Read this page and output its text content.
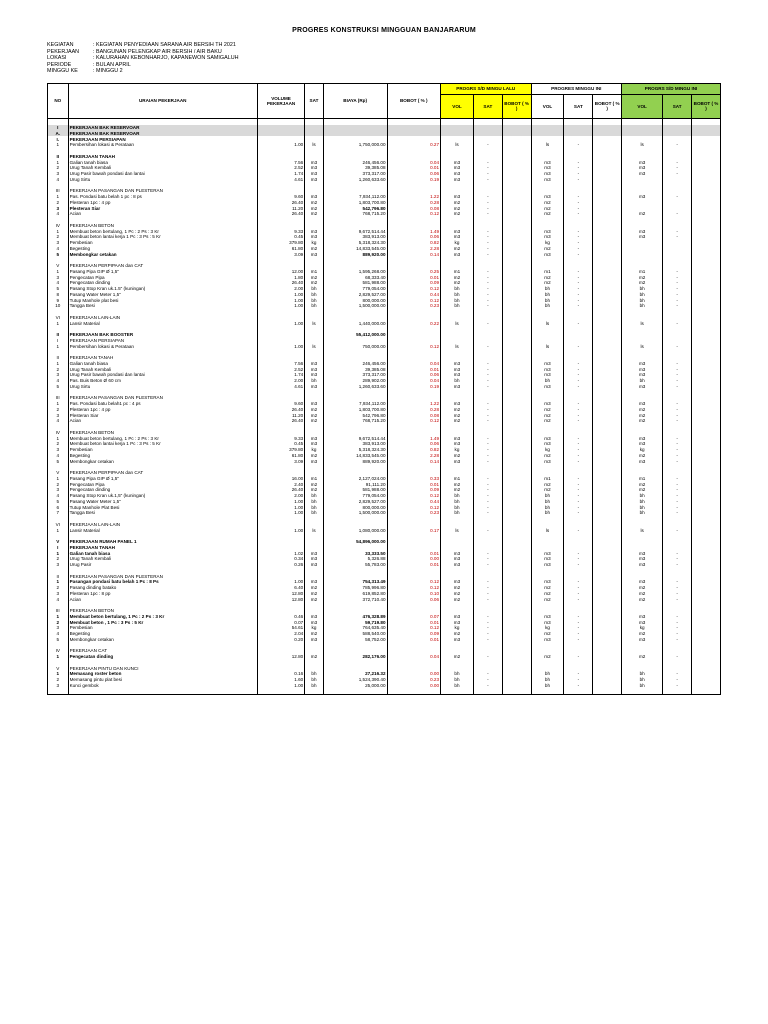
PROGRES KONSTRUKSI MINGGUAN BANJARARUM
KEGIATAN	: KEGIATAN PENYEDIAAN SARANA AIR BERSIH TH 2021
PEKERJAAN	: BANGUNAN PELENGKAP AIR BERSIH / AIR BAKU
LOKASI	: KALURAHAN KEBONHARJO, KAPANEWON SAMIGALUH
PERIODE	: BULAN APRIL
MINGGU KE	: MINGGU 2
NO	URAIAN PEKERJAAN	VOLUME PEKERJAAN	SAT	BIAYA (Rp)	BOBOT ( % )	PROGRS S/D MINGU LALU			PROGRES MINGGU INI			PROGRS S/D MINGU INI		
						VOL	SAT	BOBOT ( % )	VOL	SAT	BOBOT ( % )	VOL	SAT	BOBOT ( % )

I	PEKERJAAN BAK RESERVOAR													
A.	PEKERJAAN BAK RESERVOAR													
I.	PEKERJAAN PERSIAPAN													
1	Pembersihan lokasi & Perataan	1.00	ls	1,750,000.00	0.27	ls	-		ls	-		ls	-	

II	PEKERJAAN TANAH													
1	Galian tanah biasa	7.56	m3	246,456.00	0.04	m3	-		m3	-		m3	-	
2	Urug Tanah Kembali	2.52	m3	39,385.08	0.01	m3	-		m3	-		m3	-	
3	Urug Pasir bawah pondasi dan lantai	1.74	m3	373,317.00	0.06	m3	-		m3	-		m3	-	
4	Urug Sirtu	4.61	m3	1,260,633.60	0.19	m3	-		m3	-				

III	PEKERJAAN PASANGAN DAN PLESTERAN													
1	Pas. Pondasi batu belah 1 pc : 8 ps	9.60	m3	7,934,112.00	1.22	m3	-		m3	-		m3	-	
2	Plesteran 1pc : 4 pp	26.40	m2	1,803,700.80	0.28	m2	-		m2	-				
3	Plesteran Siar	11.20	m2	542,796.80	0.08	m2	-		m2	-				
4	Acian	26.40	m2	768,715.20	0.12	m2	-		m2	-		m2	-	

IV	PEKERJAAN BETON													
1	Membuat beton bertulang, 1 Pc : 2 Ps : 3 Kr	9.33	m3	9,672,514.44	1.49	m3	-		m3	-		m3	-	
2	Membuat beton lantai kerja 1 Pc : 3 Ps : 5 Kr	0.45	m3	383,913.00	0.06	m3	-		m3	-		m3	-	
3	Pembesian	379.80	kg	5,318,324.30	0.82	kg	-		kg	-				
4	Begesting	61.80	m2	14,833,545.00	2.28	m2	-		m2	-				
5	Membongkar cetakan	3.09	m3	889,920.00	0.14	m3	-		m3	-				

V	PEKERJAAN PERPIPAAN dan CAT													
1	Pasang Pipa GIP Ø 1,5"	12.00	m1	1,595,268.00	0.25	m1	-		m1	-		m1	-	
3	Pengecatan Pipa	1.80	m2	68,333.40	0.01	m2	-		m2	-		m2	-	
4	Pengecatan dinding	26.40	m2	581,988.00	0.09	m2	-		m2	-		m2	-	
5	Pasang Stop Kran uk.1.5" (kuningan)	2.00	bh	779,054.00	0.12	bh	-		bh	-		bh	-	
8	Pasang Water Meter 1,5"	1.00	bh	2,829,527.00	0.44	bh	-		bh	-		bh	-	
9	Tutup Manhole plat besi	1.00	bh	800,000.00	0.12	bh	-		bh	-		bh	-	
10	Tangga Besi	1.00	bh	1,500,000.00	0.23	bh	-		bh	-		bh	-	

VI	PEKERJAAN LAIN-LAIN													
1	Lansir Material	1.00	ls	1,440,000.00	0.22	ls	-		ls	-		ls	-	

II	PEKERJAAN BAK BOOSTER			55,412,000.00										
I	PEKERJAAN PERSIAPAN													
1	Pembersihan lokasi & Perataan	1.00	ls	750,000.00	0.12	ls	-		ls	-		ls	-	

II	PEKERJAAN TANAH													
1	Galian tanah biasa	7.56	m3	246,456.00	0.04	m3	-		m3	-		m3	-	
2	Urug Tanah Kembali	2.52	m3	39,385.08	0.01	m3	-		m3	-		m3	-	
3	Urug Pasir bawah pondasi dan lantai	1.74	m3	373,317.00	0.06	m3	-		m3	-		m3	-	
4	Pas. Buis Beton Ø 60 cm	2.00	bh	289,902.00	0.04	bh	-		bh	-		bh	-	
5	Urug Sirtu	4.61	m3	1,260,633.60	0.19	m3	-		m3	-		m3	-	

III	PEKERJAAN PASANGAN DAN PLESTERAN													
1	Pas. Pondasi batu belah1 pc : 4 ps	9.60	m3	7,934,112.00	1.22	m3	-		m3	-		m3	-	
2	Plesteran 1pc : 4 pp	26.40	m2	1,803,700.80	0.28	m2	-		m2	-		m2	-	
3	Plesteran Siar	11.20	m2	542,796.80	0.08	m2	-		m2	-		m2	-	
4	Acian	26.40	m2	768,715.20	0.12	m2	-		m2	-		m2	-	

IV	PEKERJAAN BETON													
1	Membuat beton bertulang, 1 Pc : 2 Ps : 3 Kr	9.33	m3	9,672,514.44	1.49	m3	-		m3	-		m3	-	
2	Membuat beton lantai kerja 1 Pc : 3 Ps : 5 Kr	0.45	m3	383,913.00	0.06	m3	-		m3	-		m3	-	
3	Pembesian	379.80	kg	5,318,324.30	0.82	kg	-		kg	-		kg	-	
4	Begesting	61.80	m2	14,833,545.00	2.28	m2	-		m2	-		m2	-	
5	Membongkar cetakan	3.09	m3	889,920.00	0.14	m3	-		m3	-		m3	-	

V	PEKERJAAN PERPIPAAN dan CAT													
1	Pasang Pipa GIP Ø 1,5"	16.00	m1	2,127,024.00	0.33	m1	-		m1	-		m1	-	
2	Pengecatan Pipa	2.40	m2	91,111.20	0.01	m2	-		m2	-		m2	-	
3	Pengecatan dinding	26.40	m2	581,988.00	0.09	m2	-		m2	-		m2	-	
4	Pasang Stop Kran uk.1,5" (kuningan)	2.00	bh	779,054.00	0.12	bh	-		bh	-		bh	-	
5	Pasang Water Meter 1,5"	1.00	bh	2,829,527.00	0.44	bh	-		bh	-		bh	-	
6	Tutup Manhole Plat Besi	1.00	bh	800,000.00	0.12	bh	-		bh	-		bh	-	
7	Tangga Besi	1.00	bh	1,500,000.00	0.23	bh	-		bh	-		bh	-	

VI	PEKERJAAN LAIN-LAIN													
1	Lansir Material	1.00	ls	1,080,000.00	0.17	ls	-		ls	-		ls	-	

V	PEKERJAAN RUMAH PANEL 1			54,896,000.00										
I	PEKERJAAN TANAH													
1	Galian tanah biasa	1.02	m3	33,333.50	0.01	m3	-		m3	-		m3	-	
2	Urug Tanah Kembali	0.34	m3	5,326.88	0.00	m3	-		m3	-		m3	-	
3	Urug Pasir	0.26	m3	55,783.00	0.01	m3	-		m3	-		m3	-	

II	PEKERJAAN PASANGAN DAN PLESTERAN													
1	Pasangan pondasi batu belah 1 Pc : 8 Ps	1.00	m3	754,313.49	0.12	m3	-		m3	-		m3	-	
2	Pasang dinding batako	6.40	m2	785,996.80	0.12	m2	-		m2	-		m2	-	
3	Plesteran 1pc : 8 pp	12.80	m2	619,852.80	0.10	m2	-		m2	-		m2	-	
4	Acian	12.80	m2	372,710.40	0.06	m2	-		m2	-		m2	-	

III	PEKERJAAN BETON													
1	Membuat beton bertulang, 1 Pc : 2 Ps : 3 Kr	0.46	m3	476,328.89	0.07	m3	-		m3	-		m3	-	
2	Membuat beton , 1 Pc : 3 Ps : 5 Kr	0.07	m3	59,719.80	0.01	m3	-		m3	-		m3	-	
3	Pembesian	54.61	kg	764,635.40	0.12	kg	-		kg	-		kg	-	
4	Begesting	2.04	m2	588,540.00	0.09	m2	-		m2	-		m2	-	
5	Membongkar cetakan	0.20	m3	58,752.00	0.01	m3	-		m3	-		m3	-	

IV	PEKERJAAN CAT													
1	Pengecatan dinding	12.80	m2	282,176.00	0.04	m2	-		m2	-		m2	-	

V	PEKERJAAN PINTU DAN KUNCI													
1	Memasang roster beton	0.16	bh	27,216.32	0.00	bh	-		bh	-		bh	-	
2	Memasang pintu plat besi	1.60	bh	1,524,390.40	0.23	bh	-		bh	-		bh	-	
3	Kunci gembok	1.00	bh	25,000.00	0.00	bh	-		bh	-		bh	-	
